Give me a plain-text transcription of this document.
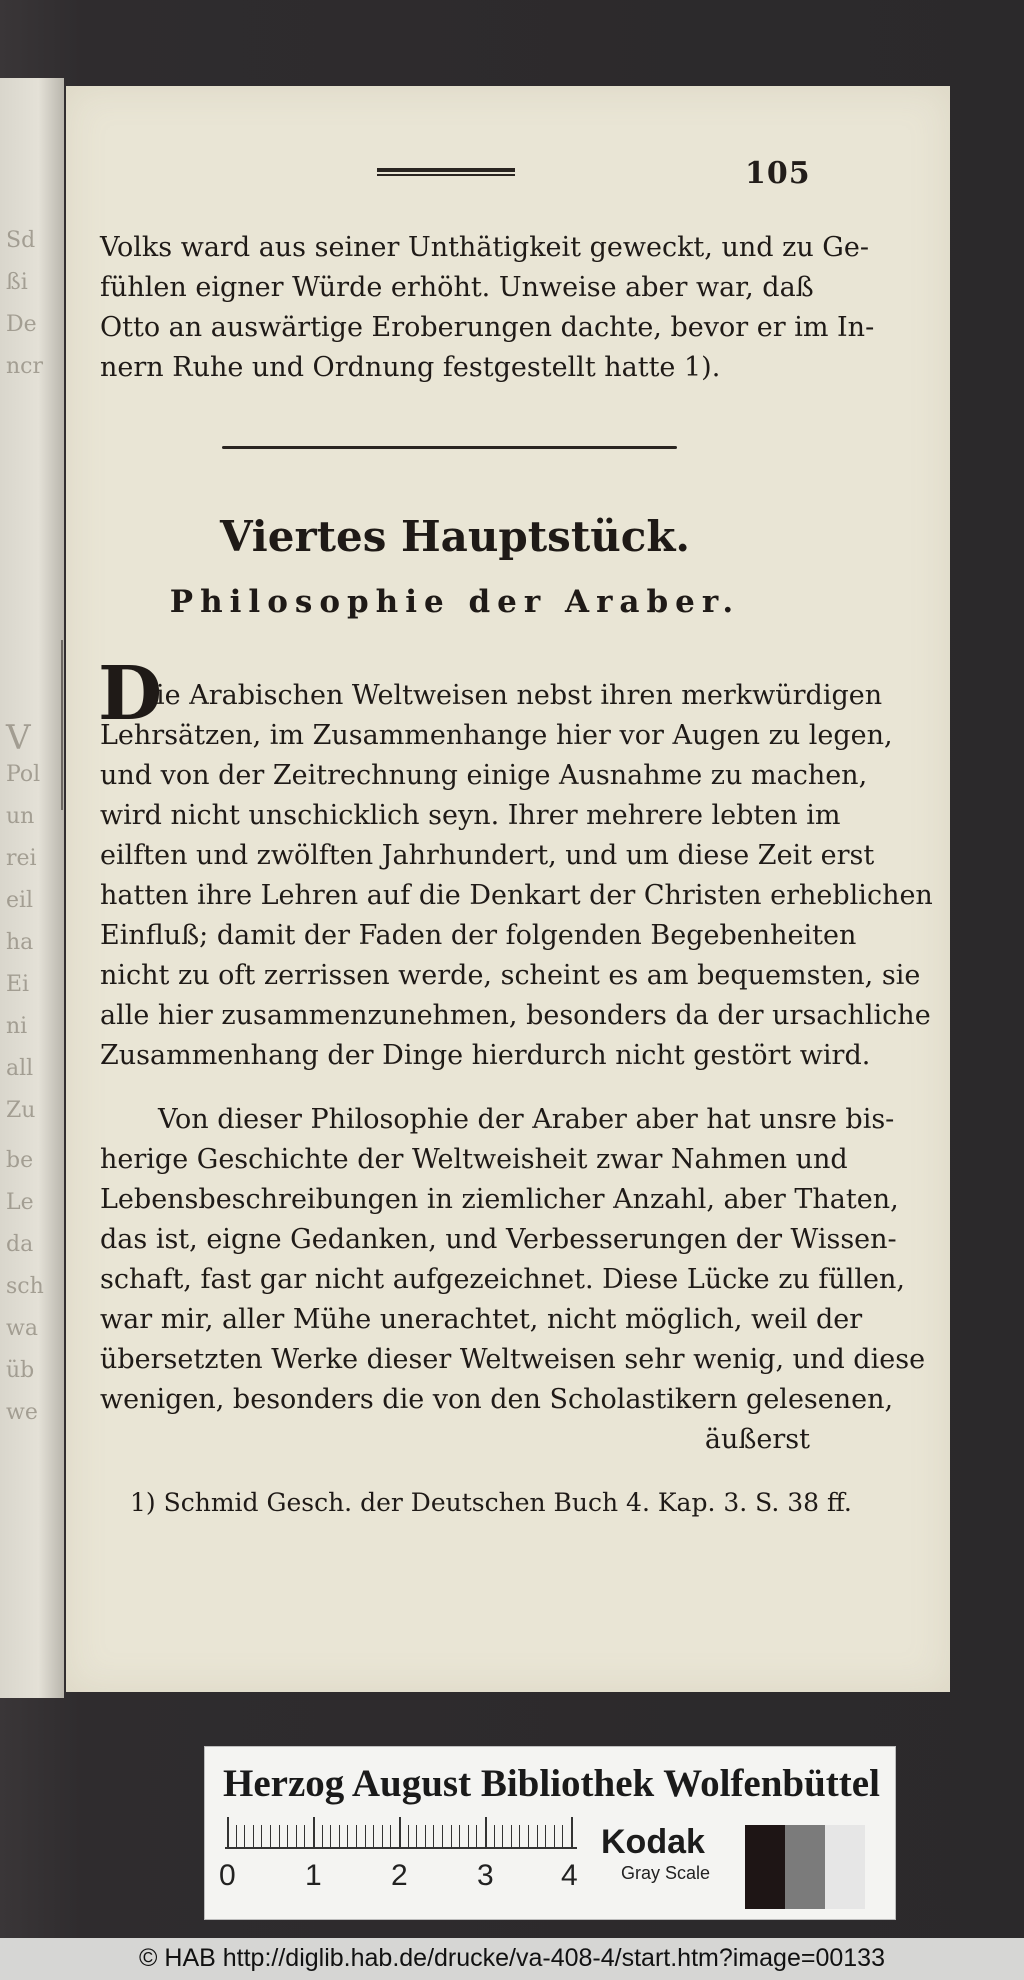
Sd
ßi
De
ncr
V
Pol
un
rei
eil
ha
Ei
ni
all
Zu
be
Le
da
sch
wa
üb
we
105
Volks ward aus seiner Unthätigkeit geweckt, und zu Ge-
fühlen eigner Würde erhöht. Unweise aber war, daß
Otto an auswärtige Eroberungen dachte, bevor er im In-
nern Ruhe und Ordnung festgestellt hatte 1).
Viertes Hauptstück.
Philosophie der Araber.
D
ie Arabischen Weltweisen nebst ihren merkwürdigen
Lehrsätzen, im Zusammenhange hier vor Augen zu legen,
und von der Zeitrechnung einige Ausnahme zu machen,
wird nicht unschicklich seyn. Ihrer mehrere lebten im
eilften und zwölften Jahrhundert, und um diese Zeit erst
hatten ihre Lehren auf die Denkart der Christen erheblichen
Einfluß; damit der Faden der folgenden Begebenheiten
nicht zu oft zerrissen werde, scheint es am bequemsten, sie
alle hier zusammenzunehmen, besonders da der ursachliche
Zusammenhang der Dinge hierdurch nicht gestört wird.
Von dieser Philosophie der Araber aber hat unsre bis-
herige Geschichte der Weltweisheit zwar Nahmen und
Lebensbeschreibungen in ziemlicher Anzahl, aber Thaten,
das ist, eigne Gedanken, und Verbesserungen der Wissen-
schaft, fast gar nicht aufgezeichnet. Diese Lücke zu füllen,
war mir, aller Mühe unerachtet, nicht möglich, weil der
übersetzten Werke dieser Weltweisen sehr wenig, und diese
wenigen, besonders die von den Scholastikern gelesenen,
äußerst
1) Schmid Gesch. der Deutschen Buch 4. Kap. 3. S. 38 ff.
Herzog August Bibliothek Wolfenbüttel
0 1 2 3 4
Kodak
Gray Scale
© HAB http://diglib.hab.de/drucke/va-408-4/start.htm?image=00133
